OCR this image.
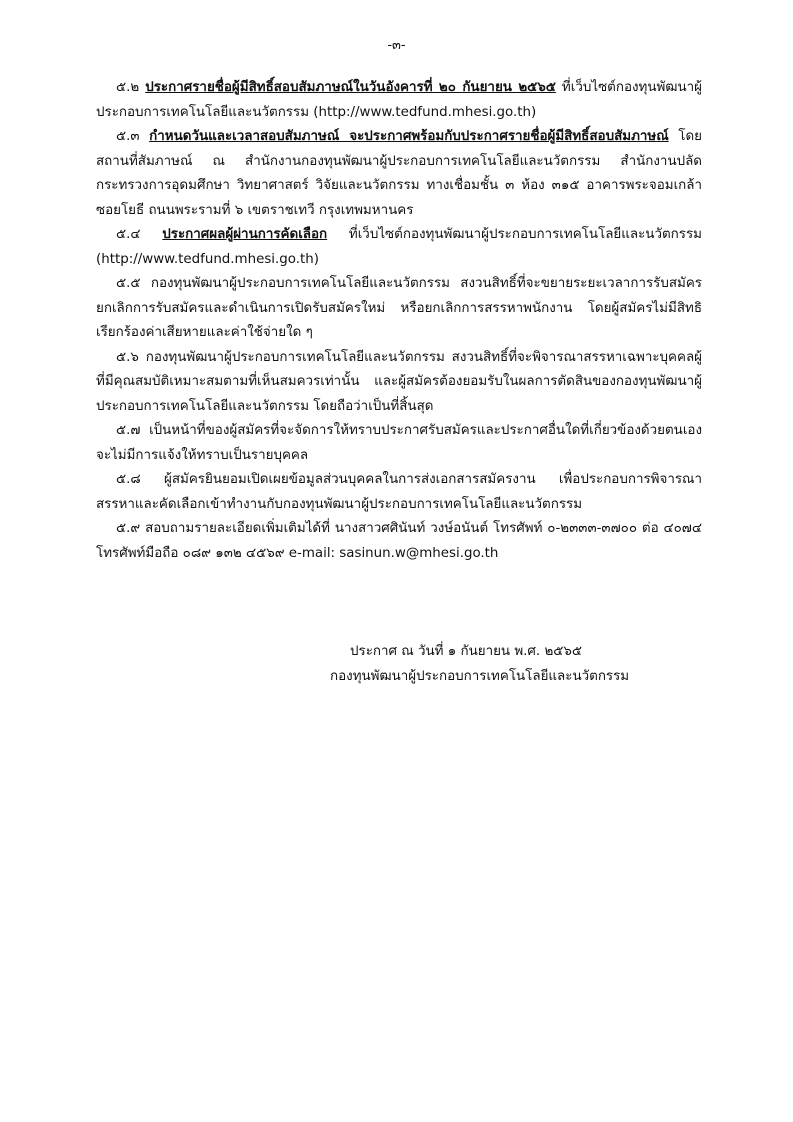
-๓-

๕.๒ ประกาศรายชื่อผู้มีสิทธิ์สอบสัมภาษณ์ในวันอังคารที่ ๒๐ กันยายน ๒๕๖๕ ที่เว็บไซต์กองทุนพัฒนาผู้ประกอบการเทคโนโลยีและนวัตกรรม (http://www.tedfund.mhesi.go.th)

๕.๓ กำหนดวันและเวลาสอบสัมภาษณ์ จะประกาศพร้อมกับประกาศรายชื่อผู้มีสิทธิ์สอบสัมภาษณ์ โดยสถานที่สัมภาษณ์ ณ สำนักงานกองทุนพัฒนาผู้ประกอบการเทคโนโลยีและนวัตกรรม สำนักงานปลัดกระทรวงการอุดมศึกษา วิทยาศาสตร์ วิจัยและนวัตกรรม ทางเชื่อมชั้น ๓ ห้อง ๓๑๕ อาคารพระจอมเกล้า ซอยโยธี ถนนพระรามที่ ๖ เขตราชเทวี กรุงเทพมหานคร

๕.๔ ประกาศผลผู้ผ่านการคัดเลือก ที่เว็บไซต์กองทุนพัฒนาผู้ประกอบการเทคโนโลยีและนวัตกรรม (http://www.tedfund.mhesi.go.th)

๕.๕ กองทุนพัฒนาผู้ประกอบการเทคโนโลยีและนวัตกรรม สงวนสิทธิ์ที่จะขยายระยะเวลาการรับสมัคร ยกเลิกการรับสมัครและดำเนินการเปิดรับสมัครใหม่ หรือยกเลิกการสรรหาพนักงาน โดยผู้สมัครไม่มีสิทธิเรียกร้องค่าเสียหายและค่าใช้จ่ายใด ๆ

๕.๖ กองทุนพัฒนาผู้ประกอบการเทคโนโลยีและนวัตกรรม สงวนสิทธิ์ที่จะพิจารณาสรรหาเฉพาะบุคคลผู้ที่มีคุณสมบัติเหมาะสมตามที่เห็นสมควรเท่านั้น และผู้สมัครต้องยอมรับในผลการตัดสินของกองทุนพัฒนาผู้ประกอบการเทคโนโลยีและนวัตกรรม โดยถือว่าเป็นที่สิ้นสุด

๕.๗ เป็นหน้าที่ของผู้สมัครที่จะจัดการให้ทราบประกาศรับสมัครและประกาศอื่นใดที่เกี่ยวข้องด้วยตนเอง จะไม่มีการแจ้งให้ทราบเป็นรายบุคคล

๕.๘ ผู้สมัครยินยอมเปิดเผยข้อมูลส่วนบุคคลในการส่งเอกสารสมัครงาน เพื่อประกอบการพิจารณาสรรหาและคัดเลือกเข้าทำงานกับกองทุนพัฒนาผู้ประกอบการเทคโนโลยีและนวัตกรรม

๕.๙ สอบถามรายละเอียดเพิ่มเติมได้ที่ นางสาวศศินันท์ วงษ์อนันต์ โทรศัพท์ ๐-๒๓๓๓-๓๗๐๐ ต่อ ๔๐๗๔ โทรศัพท์มือถือ ๐๘๙ ๑๓๒ ๔๕๖๙ e-mail: sasinun.w@mhesi.go.th

ประกาศ ณ วันที่ ๑ กันยายน พ.ศ. ๒๕๖๕
กองทุนพัฒนาผู้ประกอบการเทคโนโลยีและนวัตกรรม
